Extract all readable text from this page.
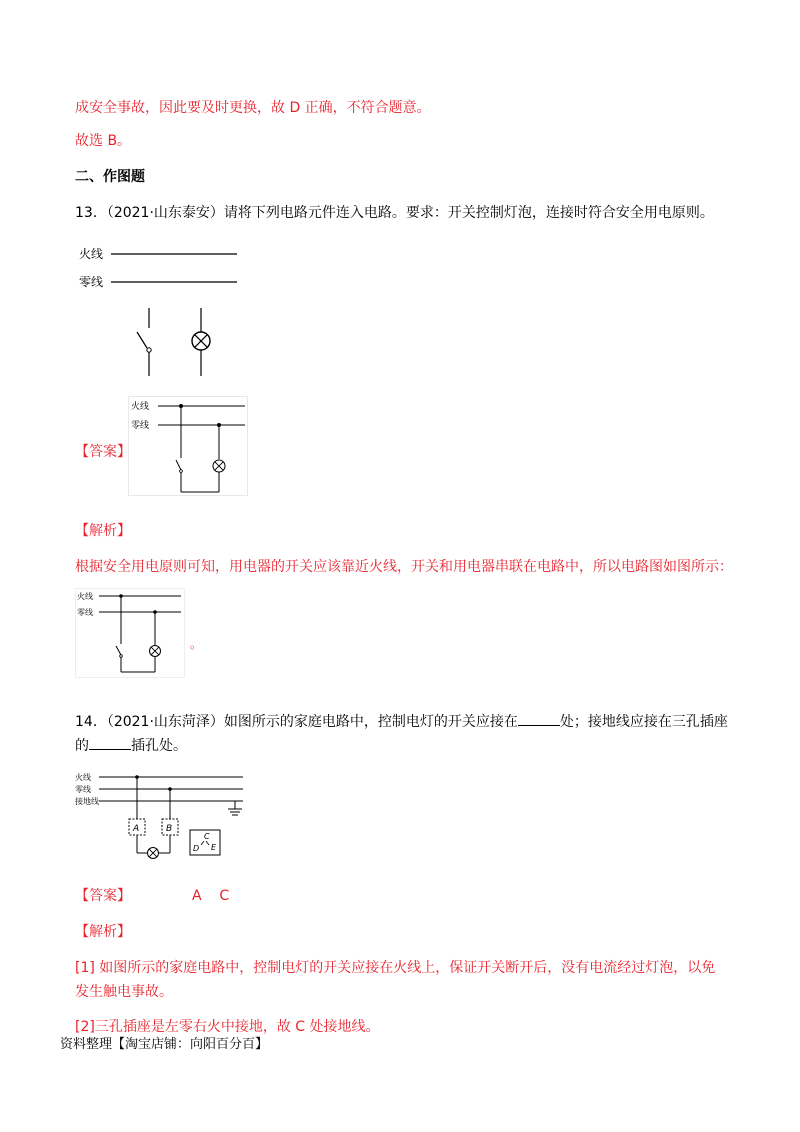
成安全事故，因此要及时更换，故 D 正确，不符合题意。
故选 B。
二、作图题
13．（2021·山东泰安）请将下列电路元件连入电路。要求：开关控制灯泡，连接时符合安全用电原则。
火线
零线
【答案】
火线
零线
【解析】
根据安全用电原则可知，用电器的开关应该靠近火线，开关和用电器串联在电路中，所以电路图如图所示：
火线
零线
。
14．（2021·山东菏泽）如图所示的家庭电路中，控制电灯的开关应接在	处；接地线应接在三孔插座
的	插孔处。
火线
零线
接地线
A	B
C
D E
【答案】	A    C
【解析】
[1] 如图所示的家庭电路中，控制电灯的开关应接在火线上，保证开关断开后，没有电流经过灯泡，以免
发生触电事故。
[2]三孔插座是左零右火中接地，故 C 处接地线。
资料整理【淘宝店铺：向阳百分百】
